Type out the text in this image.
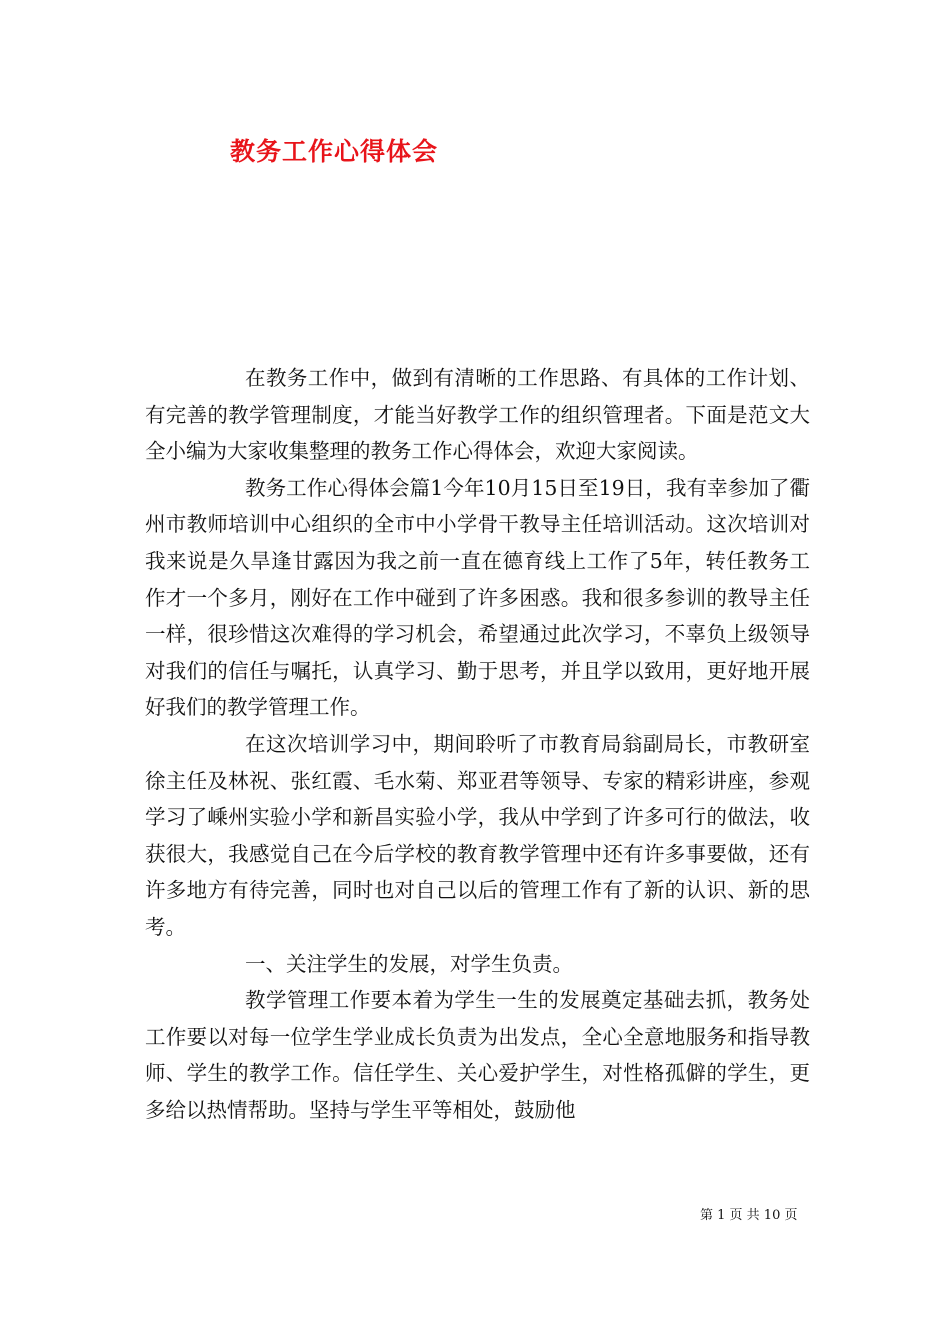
教务工作心得体会

在教务工作中，做到有清晰的工作思路、有具体的工作计划、有完善的教学管理制度，才能当好教学工作的组织管理者。下面是范文大全小编为大家收集整理的教务工作心得体会，欢迎大家阅读。

教务工作心得体会篇1今年10月15日至19日，我有幸参加了衢州市教师培训中心组织的全市中小学骨干教导主任培训活动。这次培训对我来说是久旱逢甘露因为我之前一直在德育线上工作了5年，转任教务工作才一个多月，刚好在工作中碰到了许多困惑。我和很多参训的教导主任一样，很珍惜这次难得的学习机会，希望通过此次学习，不辜负上级领导对我们的信任与嘱托，认真学习、勤于思考，并且学以致用，更好地开展好我们的教学管理工作。

在这次培训学习中，期间聆听了市教育局翁副局长，市教研室徐主任及林祝、张红霞、毛水菊、郑亚君等领导、专家的精彩讲座，参观学习了嵊州实验小学和新昌实验小学，我从中学到了许多可行的做法，收获很大，我感觉自己在今后学校的教育教学管理中还有许多事要做，还有许多地方有待完善，同时也对自己以后的管理工作有了新的认识、新的思考。

一、关注学生的发展，对学生负责。

教学管理工作要本着为学生一生的发展奠定基础去抓，教务处工作要以对每一位学生学业成长负责为出发点，全心全意地服务和指导教师、学生的教学工作。信任学生、关心爱护学生，对性格孤僻的学生，更多给以热情帮助。坚持与学生平等相处，鼓励他

第 1 页 共 10 页
